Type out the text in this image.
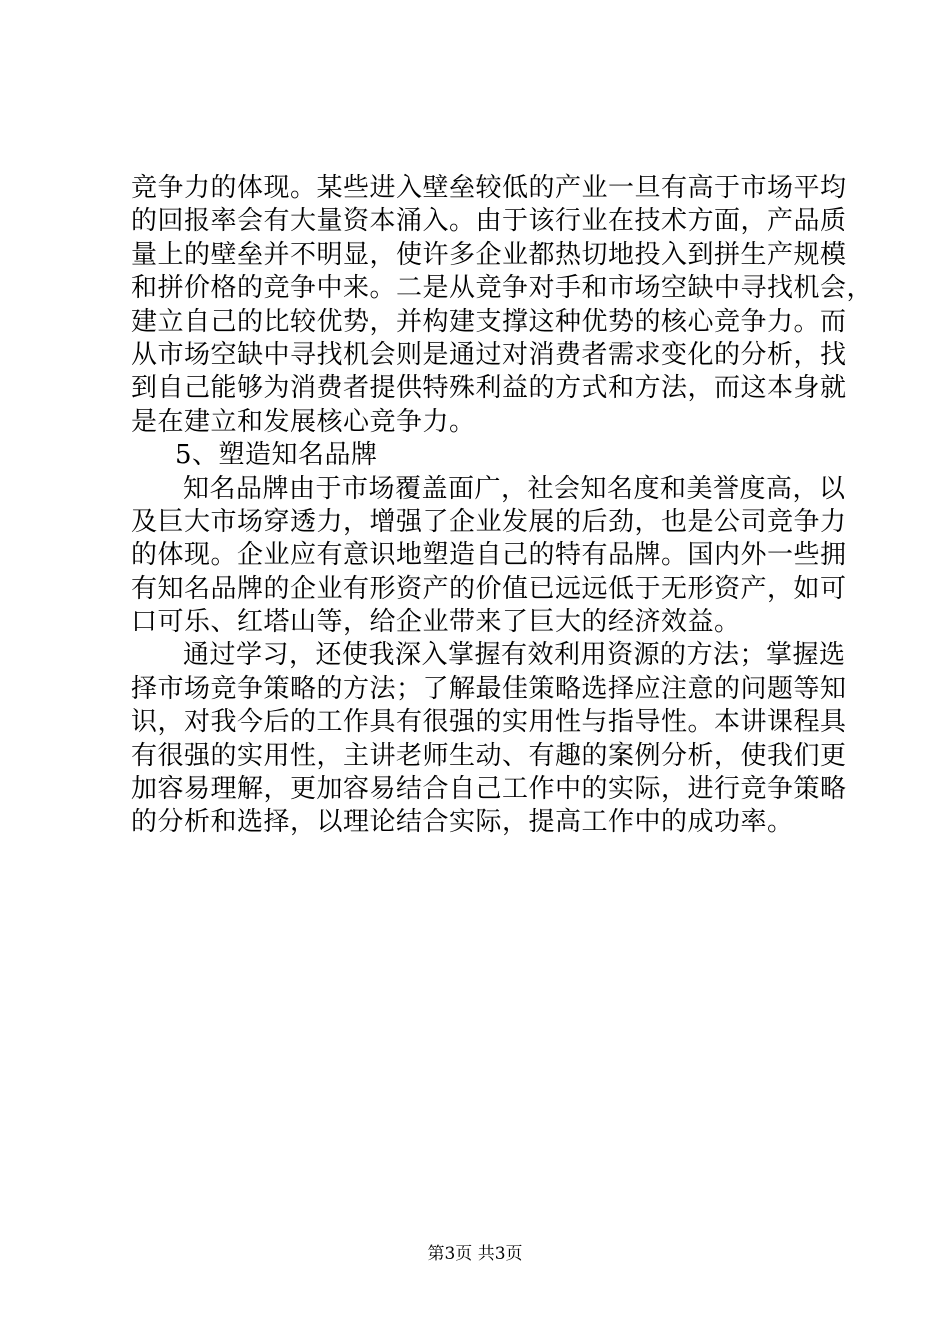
竞争力的体现。某些进入壁垒较低的产业一旦有高于市场平均
的回报率会有大量资本涌入。由于该行业在技术方面，产品质
量上的壁垒并不明显，使许多企业都热切地投入到拼生产规模
和拼价格的竞争中来。二是从竞争对手和市场空缺中寻找机会，
建立自己的比较优势，并构建支撑这种优势的核心竞争力。而
从市场空缺中寻找机会则是通过对消费者需求变化的分析，找
到自己能够为消费者提供特殊利益的方式和方法，而这本身就
是在建立和发展核心竞争力。
5、塑造知名品牌
知名品牌由于市场覆盖面广，社会知名度和美誉度高，以
及巨大市场穿透力，增强了企业发展的后劲，也是公司竞争力
的体现。企业应有意识地塑造自己的特有品牌。国内外一些拥
有知名品牌的企业有形资产的价值已远远低于无形资产，如可
口可乐、红塔山等，给企业带来了巨大的经济效益。
通过学习，还使我深入掌握有效利用资源的方法；掌握选
择市场竞争策略的方法；了解最佳策略选择应注意的问题等知
识，对我今后的工作具有很强的实用性与指导性。本讲课程具
有很强的实用性，主讲老师生动、有趣的案例分析，使我们更
加容易理解，更加容易结合自己工作中的实际，进行竞争策略
的分析和选择，以理论结合实际，提高工作中的成功率。
第3页 共3页
